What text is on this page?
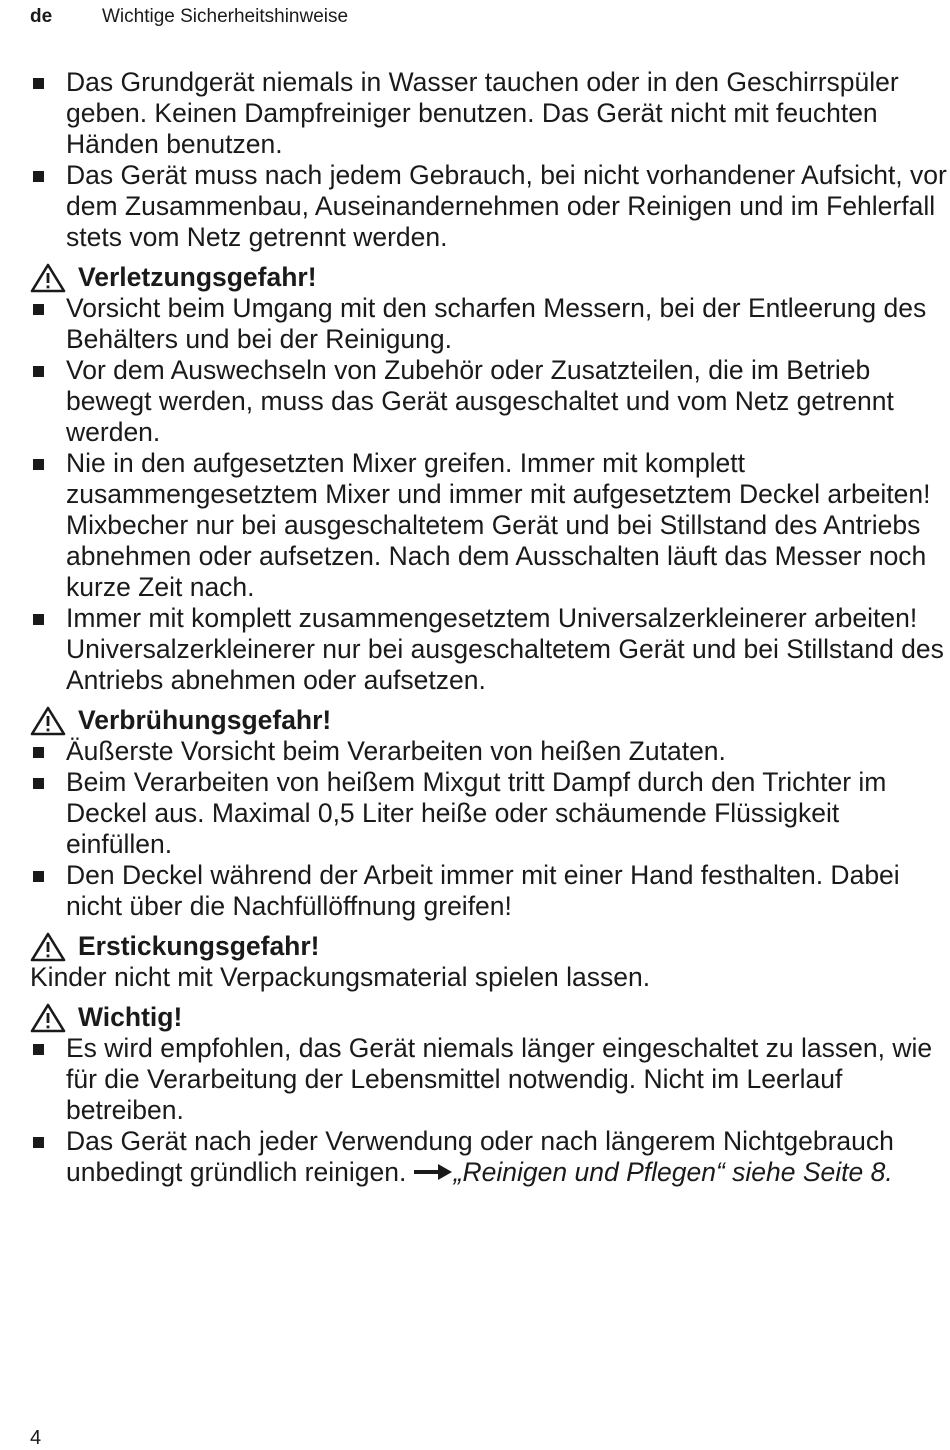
de	Wichtige Sicherheitshinweise
Das Grundgerät niemals in Wasser tauchen oder in den Geschirrspüler geben. Keinen Dampfreiniger benutzen. Das Gerät nicht mit feuchten Händen benutzen.
Das Gerät muss nach jedem Gebrauch, bei nicht vorhandener Aufsicht, vor dem Zusammenbau, Auseinandernehmen oder Reinigen und im Fehlerfall stets vom Netz getrennt werden.
Verletzungsgefahr!
Vorsicht beim Umgang mit den scharfen Messern, bei der Entleerung des Behälters und bei der Reinigung.
Vor dem Auswechseln von Zubehör oder Zusatzteilen, die im Betrieb bewegt werden, muss das Gerät ausgeschaltet und vom Netz getrennt werden.
Nie in den aufgesetzten Mixer greifen. Immer mit komplett zusammengesetztem Mixer und immer mit aufgesetztem Deckel arbeiten! Mixbecher nur bei ausgeschaltetem Gerät und bei Stillstand des Antriebs abnehmen oder aufsetzen. Nach dem Ausschalten läuft das Messer noch kurze Zeit nach.
Immer mit komplett zusammengesetztem Universalzerkleinerer arbeiten! Universalzerkleinerer nur bei ausgeschaltetem Gerät und bei Stillstand des Antriebs abnehmen oder aufsetzen.
Verbrühungsgefahr!
Äußerste Vorsicht beim Verarbeiten von heißen Zutaten.
Beim Verarbeiten von heißem Mixgut tritt Dampf durch den Trichter im Deckel aus. Maximal 0,5 Liter heiße oder schäumende Flüssigkeit einfüllen.
Den Deckel während der Arbeit immer mit einer Hand festhalten. Dabei nicht über die Nachfüllöffnung greifen!
Erstickungsgefahr!
Kinder nicht mit Verpackungsmaterial spielen lassen.
Wichtig!
Es wird empfohlen, das Gerät niemals länger eingeschaltet zu lassen, wie für die Verarbeitung der Lebensmittel notwendig. Nicht im Leerlauf betreiben.
Das Gerät nach jeder Verwendung oder nach längerem Nichtgebrauch unbedingt gründlich reinigen. „Reinigen und Pflegen“ siehe Seite 8.
4
